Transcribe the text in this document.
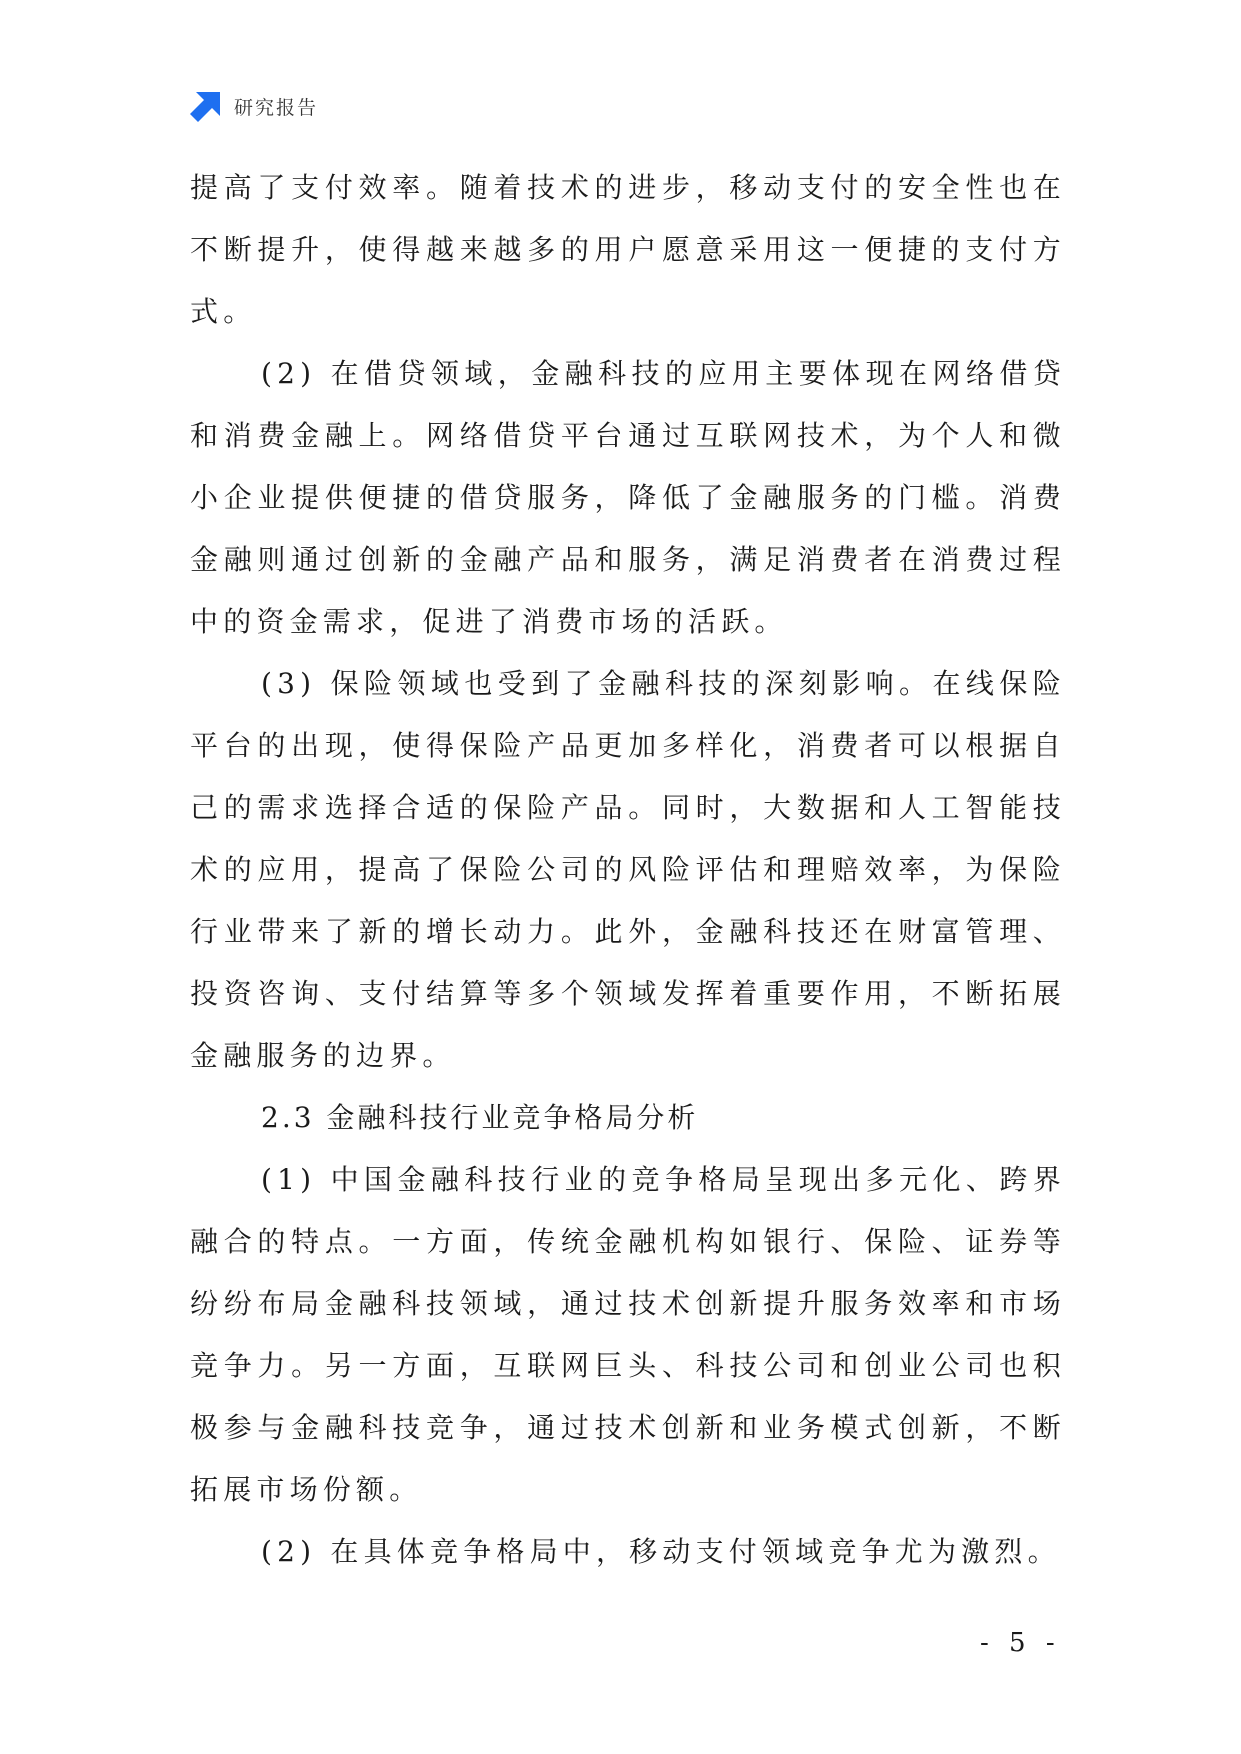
研究报告

提高了支付效率。随着技术的进步，移动支付的安全性也在不断提升，使得越来越多的用户愿意采用这一便捷的支付方式。

(2) 在借贷领域，金融科技的应用主要体现在网络借贷和消费金融上。网络借贷平台通过互联网技术，为个人和微小企业提供便捷的借贷服务，降低了金融服务的门槛。消费金融则通过创新的金融产品和服务，满足消费者在消费过程中的资金需求，促进了消费市场的活跃。

(3) 保险领域也受到了金融科技的深刻影响。在线保险平台的出现，使得保险产品更加多样化，消费者可以根据自己的需求选择合适的保险产品。同时，大数据和人工智能技术的应用，提高了保险公司的风险评估和理赔效率，为保险行业带来了新的增长动力。此外，金融科技还在财富管理、投资咨询、支付结算等多个领域发挥着重要作用，不断拓展金融服务的边界。

2.3 金融科技行业竞争格局分析

(1) 中国金融科技行业的竞争格局呈现出多元化、跨界融合的特点。一方面，传统金融机构如银行、保险、证券等纷纷布局金融科技领域，通过技术创新提升服务效率和市场竞争力。另一方面，互联网巨头、科技公司和创业公司也积极参与金融科技竞争，通过技术创新和业务模式创新，不断拓展市场份额。

(2) 在具体竞争格局中，移动支付领域竞争尤为激烈。

- 5 -
